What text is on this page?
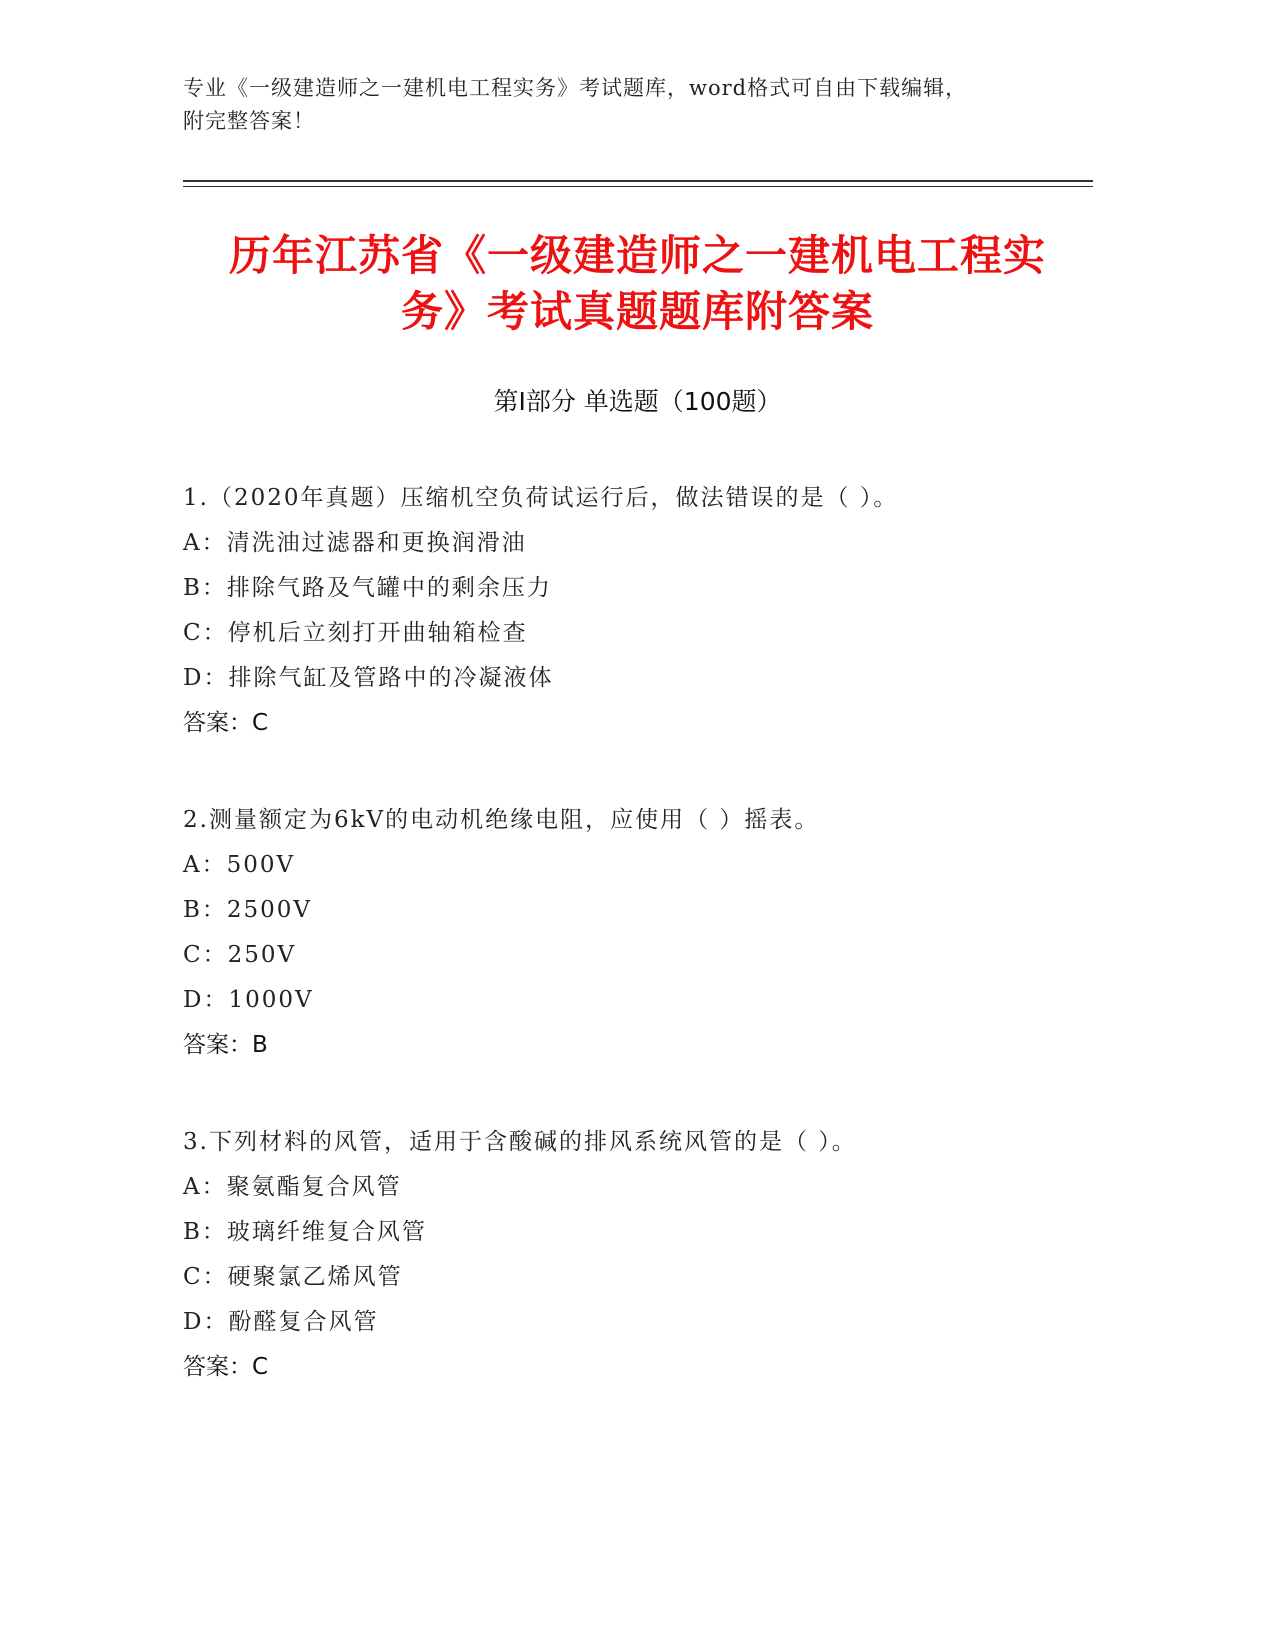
专业《一级建造师之一建机电工程实务》考试题库，word格式可自由下载编辑，
附完整答案！
历年江苏省《一级建造师之一建机电工程实
务》考试真题题库附答案
第Ⅰ部分 单选题（100题）
1.（2020年真题）压缩机空负荷试运行后，做法错误的是（ ）。
A：清洗油过滤器和更换润滑油
B：排除气路及气罐中的剩余压力
C：停机后立刻打开曲轴箱检查
D：排除气缸及管路中的冷凝液体
答案：C
2.测量额定为6kV的电动机绝缘电阻，应使用（ ）摇表。
A：500V
B：2500V
C：250V
D：1000V
答案：B
3.下列材料的风管，适用于含酸碱的排风系统风管的是（ ）。
A：聚氨酯复合风管
B：玻璃纤维复合风管
C：硬聚氯乙烯风管
D：酚醛复合风管
答案：C
